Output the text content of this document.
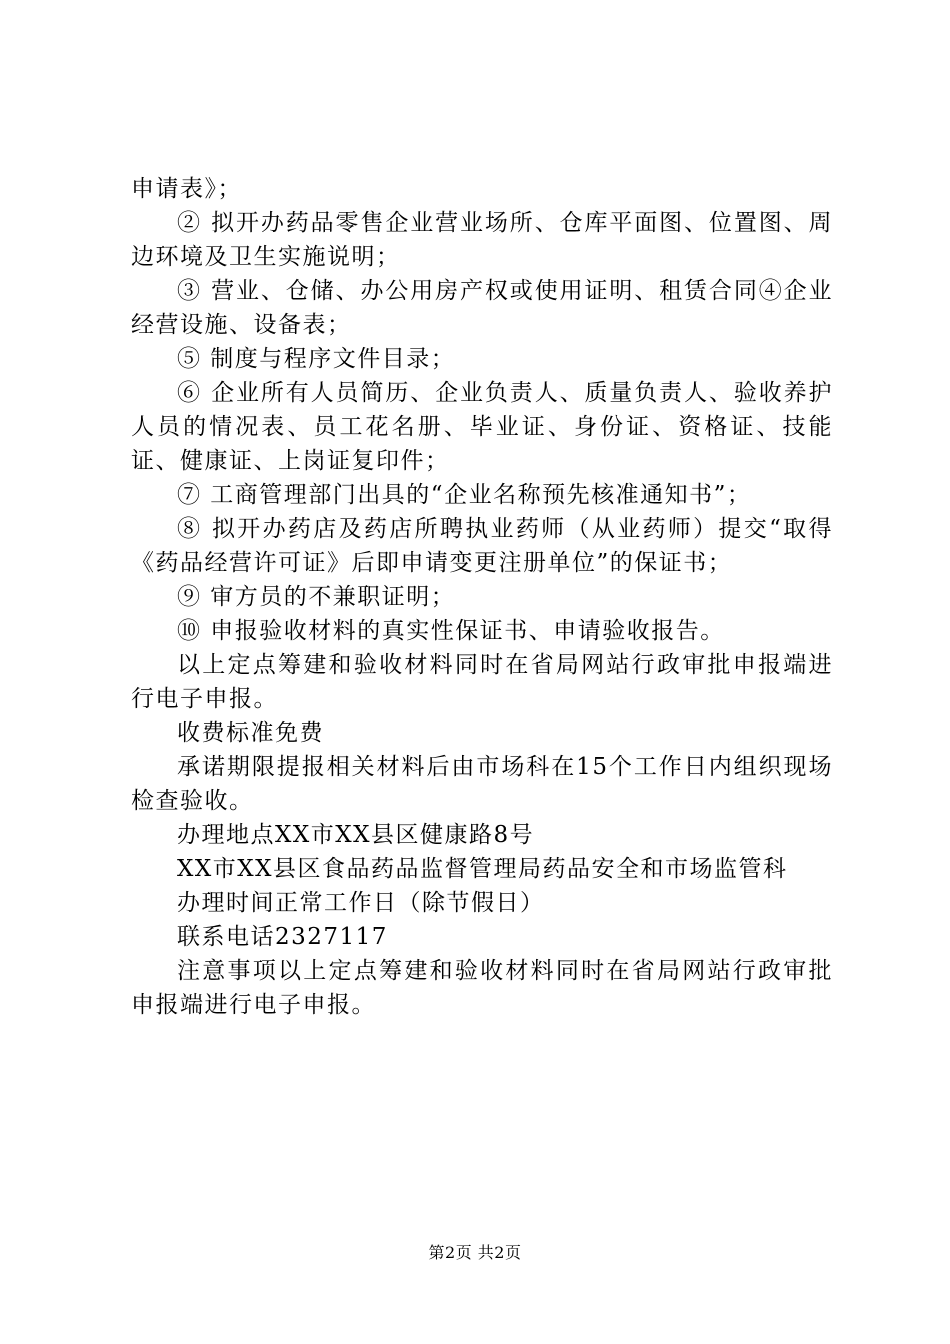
申请表》；

② 拟开办药品零售企业营业场所、仓库平面图、位置图、周边环境及卫生实施说明；

③ 营业、仓储、办公用房产权或使用证明、租赁合同④企业经营设施、设备表；

⑤ 制度与程序文件目录；

⑥ 企业所有人员简历、企业负责人、质量负责人、验收养护人员的情况表、员工花名册、毕业证、身份证、资格证、技能证、健康证、上岗证复印件；

⑦ 工商管理部门出具的“企业名称预先核准通知书”；

⑧ 拟开办药店及药店所聘执业药师（从业药师）提交“取得《药品经营许可证》后即申请变更注册单位”的保证书；

⑨ 审方员的不兼职证明；

⑩ 申报验收材料的真实性保证书、申请验收报告。

以上定点筹建和验收材料同时在省局网站行政审批申报端进行电子申报。

收费标准免费

承诺期限提报相关材料后由市场科在15个工作日内组织现场检查验收。

办理地点XX市XX县区健康路8号

XX市XX县区食品药品监督管理局药品安全和市场监管科

办理时间正常工作日（除节假日）

联系电话2327117

注意事项以上定点筹建和验收材料同时在省局网站行政审批申报端进行电子申报。

第2页 共2页
